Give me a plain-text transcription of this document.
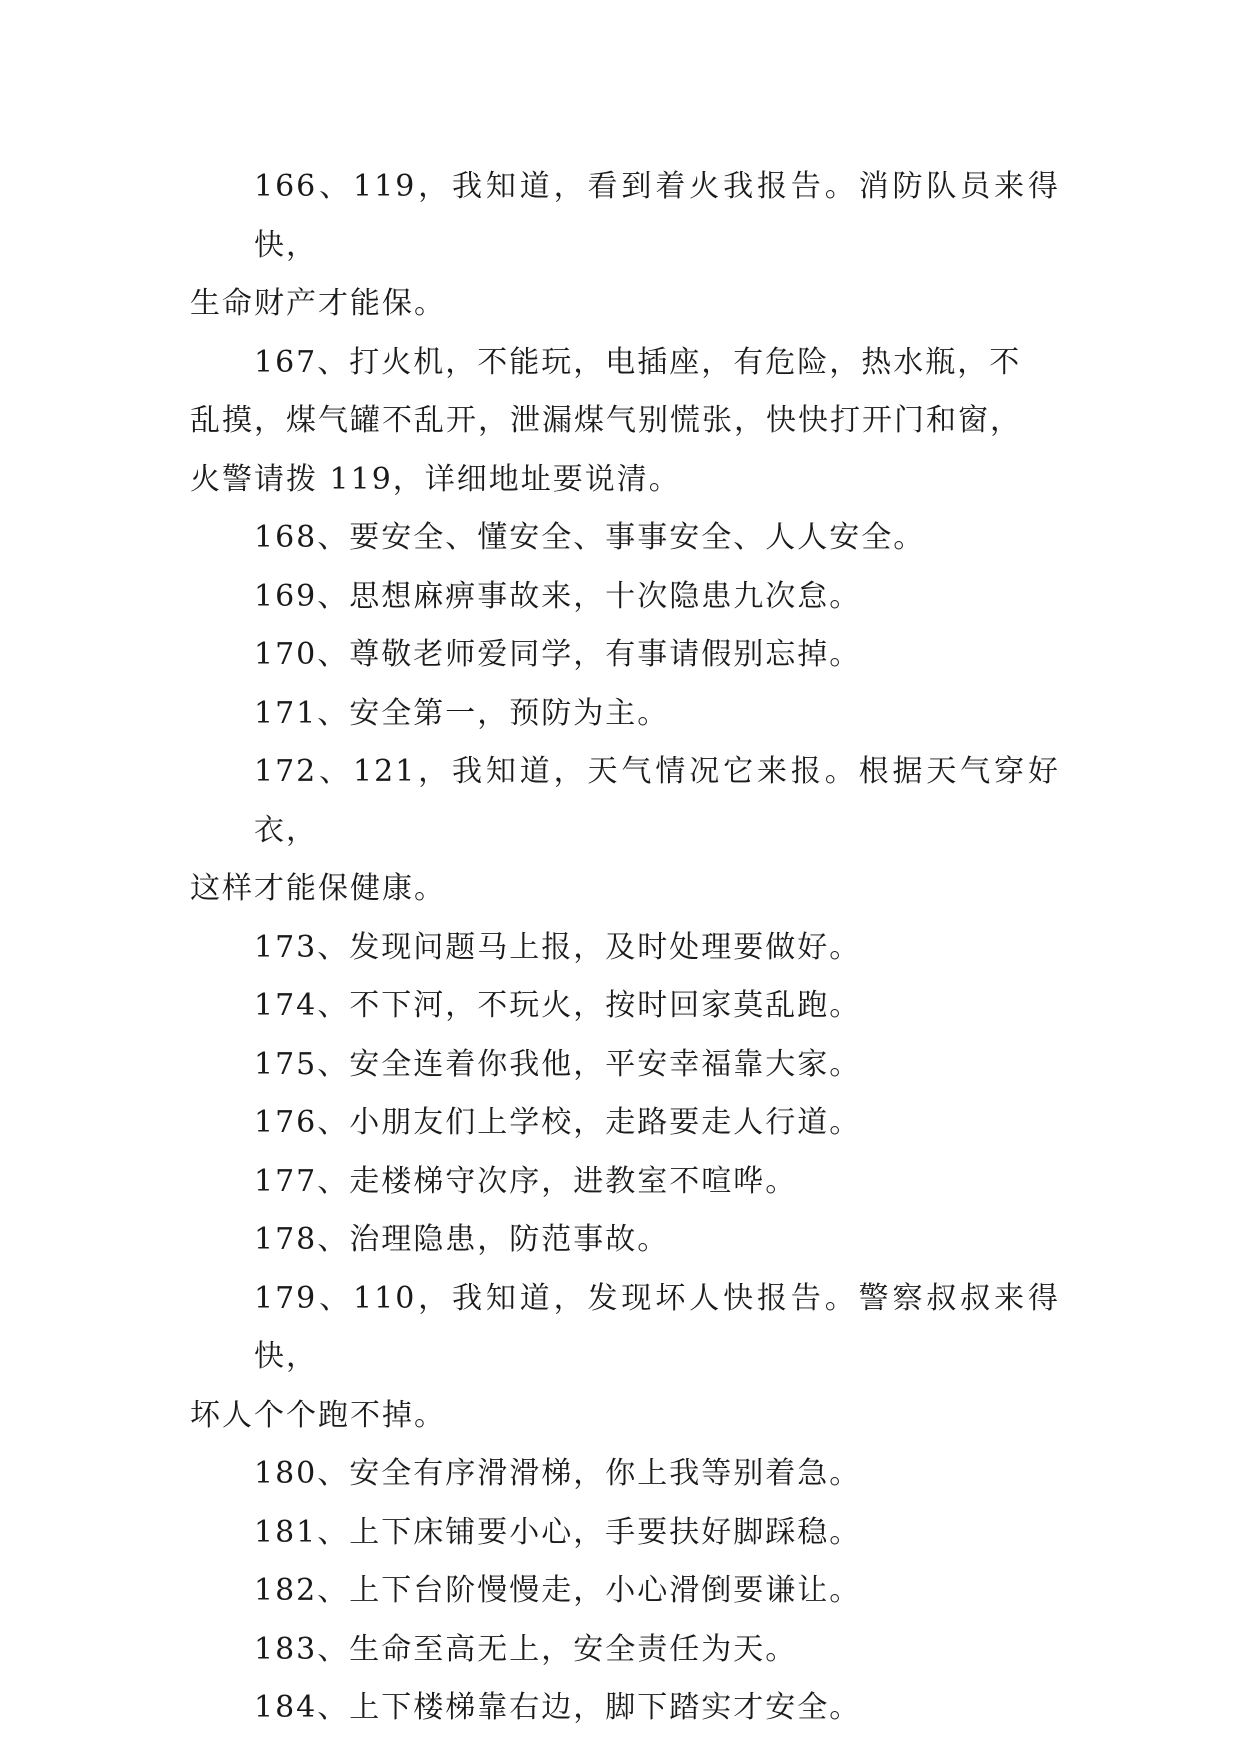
166、119，我知道，看到着火我报告。消防队员来得快，
生命财产才能保。
167、打火机，不能玩，电插座，有危险，热水瓶，不
乱摸，煤气罐不乱开，泄漏煤气别慌张，快快打开门和窗，
火警请拨 119，详细地址要说清。
168、要安全、懂安全、事事安全、人人安全。
169、思想麻痹事故来，十次隐患九次怠。
170、尊敬老师爱同学，有事请假别忘掉。
171、安全第一，预防为主。
172、121，我知道，天气情况它来报。根据天气穿好衣，
这样才能保健康。
173、发现问题马上报，及时处理要做好。
174、不下河，不玩火，按时回家莫乱跑。
175、安全连着你我他，平安幸福靠大家。
176、小朋友们上学校，走路要走人行道。
177、走楼梯守次序，进教室不喧哗。
178、治理隐患，防范事故。
179、110，我知道，发现坏人快报告。警察叔叔来得快，
坏人个个跑不掉。
180、安全有序滑滑梯，你上我等别着急。
181、上下床铺要小心，手要扶好脚踩稳。
182、上下台阶慢慢走，小心滑倒要谦让。
183、生命至高无上，安全责任为天。
184、上下楼梯靠右边，脚下踏实才安全。
